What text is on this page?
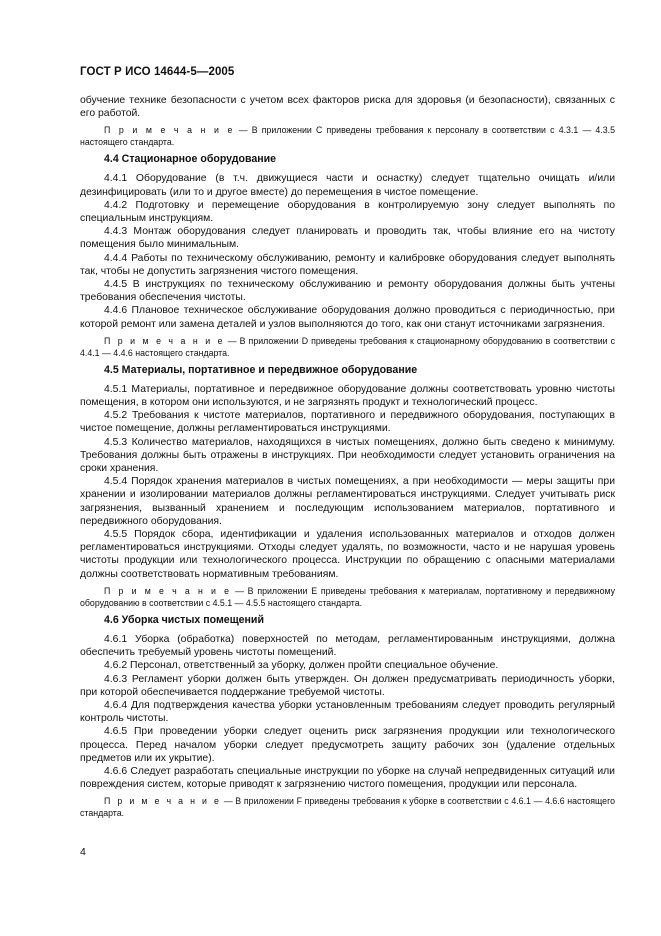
ГОСТ Р ИСО 14644-5—2005

обучение технике безопасности с учетом всех факторов риска для здоровья (и безопасности), связанных с его работой.

П р и м е ч а н и е — В приложении С приведены требования к персоналу в соответствии с 4.3.1 — 4.3.5 настоящего стандарта.

4.4 Стационарное оборудование

4.4.1 Оборудование (в т.ч. движущиеся части и оснастку) следует тщательно очищать и/или дезинфицировать (или то и другое вместе) до перемещения в чистое помещение.

4.4.2 Подготовку и перемещение оборудования в контролируемую зону следует выполнять по специальным инструкциям.

4.4.3 Монтаж оборудования следует планировать и проводить так, чтобы влияние его на чистоту помещения было минимальным.

4.4.4 Работы по техническому обслуживанию, ремонту и калибровке оборудования следует выполнять так, чтобы не допустить загрязнения чистого помещения.

4.4.5 В инструкциях по техническому обслуживанию и ремонту оборудования должны быть учтены требования обеспечения чистоты.

4.4.6 Плановое техническое обслуживание оборудования должно проводиться с периодичностью, при которой ремонт или замена деталей и узлов выполняются до того, как они станут источниками загрязнения.

П р и м е ч а н и е — В приложении D приведены требования к стационарному оборудованию в соответствии с 4.4.1 — 4.4.6 настоящего стандарта.

4.5 Материалы, портативное и передвижное оборудование

4.5.1 Материалы, портативное и передвижное оборудование должны соответствовать уровню чистоты помещения, в котором они используются, и не загрязнять продукт и технологический процесс.

4.5.2 Требования к чистоте материалов, портативного и передвижного оборудования, поступающих в чистое помещение, должны регламентироваться инструкциями.

4.5.3 Количество материалов, находящихся в чистых помещениях, должно быть сведено к минимуму. Требования должны быть отражены в инструкциях. При необходимости следует установить ограничения на сроки хранения.

4.5.4 Порядок хранения материалов в чистых помещениях, а при необходимости — меры защиты при хранении и изолировании материалов должны регламентироваться инструкциями. Следует учитывать риск загрязнения, вызванный хранением и последующим использованием материалов, портативного и передвижного оборудования.

4.5.5 Порядок сбора, идентификации и удаления использованных материалов и отходов должен регламентироваться инструкциями. Отходы следует удалять, по возможности, часто и не нарушая уровень чистоты продукции или технологического процесса. Инструкции по обращению с опасными материалами должны соответствовать нормативным требованиям.

П р и м е ч а н и е — В приложении Е приведены требования к материалам, портативному и передвижному оборудованию в соответствии с 4.5.1 — 4.5.5 настоящего стандарта.

4.6 Уборка чистых помещений

4.6.1 Уборка (обработка) поверхностей по методам, регламентированным инструкциями, должна обеспечить требуемый уровень чистоты помещений.

4.6.2 Персонал, ответственный за уборку, должен пройти специальное обучение.

4.6.3 Регламент уборки должен быть утвержден. Он должен предусматривать периодичность уборки, при которой обеспечивается поддержание требуемой чистоты.

4.6.4 Для подтверждения качества уборки установленным требованиям следует проводить регулярный контроль чистоты.

4.6.5 При проведении уборки следует оценить риск загрязнения продукции или технологического процесса. Перед началом уборки следует предусмотреть защиту рабочих зон (удаление отдельных предметов или их укрытие).

4.6.6 Следует разработать специальные инструкции по уборке на случай непредвиденных ситуаций или повреждения систем, которые приводят к загрязнению чистого помещения, продукции или персонала.

П р и м е ч а н и е — В приложении F приведены требования к уборке в соответствии с 4.6.1 — 4.6.6 настоящего стандарта.

4
